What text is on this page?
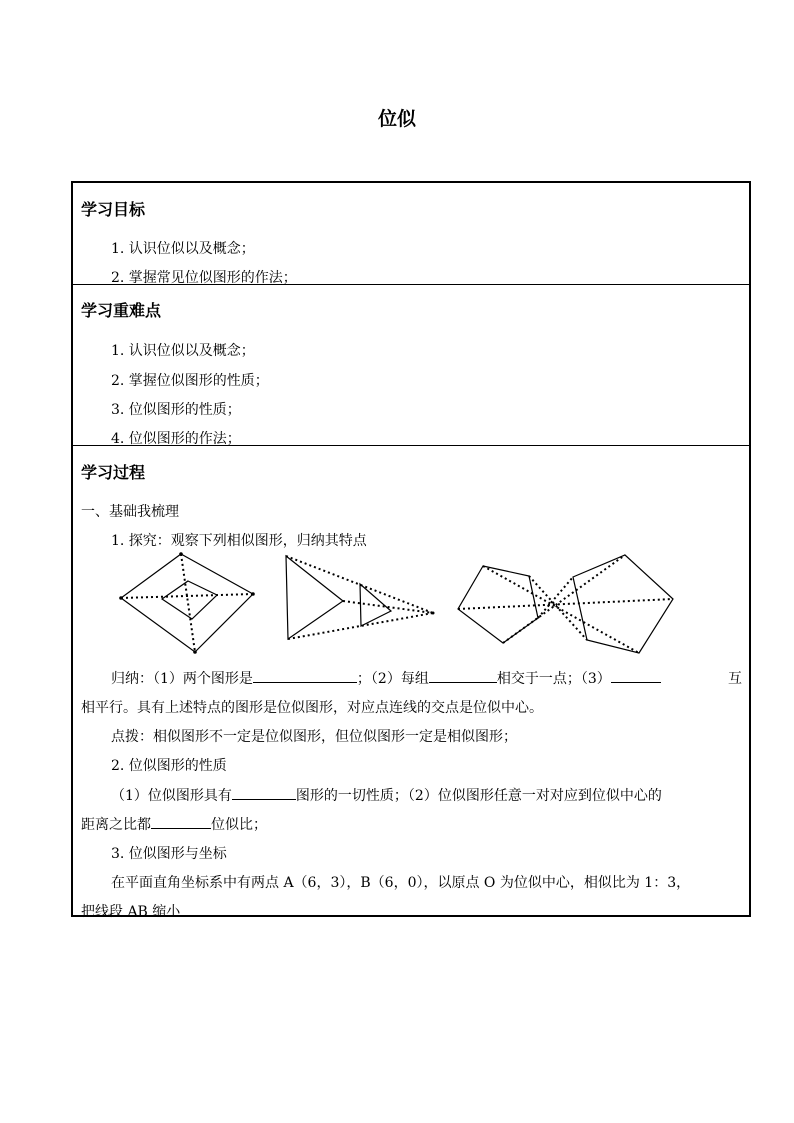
位似
学习目标
1. 认识位似以及概念；
2. 掌握常见位似图形的作法；
学习重难点
1. 认识位似以及概念；
2. 掌握位似图形的性质；
3. 位似图形的性质；
4. 位似图形的作法；
学习过程
一、基础我梳理
1. 探究：观察下列相似图形，归纳其特点
归纳：（1）两个图形是	；（2）每组	相交于一点；（3）	互
相平行。具有上述特点的图形是位似图形，对应点连线的交点是位似中心。
点拨：相似图形不一定是位似图形，但位似图形一定是相似图形；
2. 位似图形的性质
（1）位似图形具有	图形的一切性质；（2）位似图形任意一对对应到位似中心的
距离之比都	位似比；
3. 位似图形与坐标
在平面直角坐标系中有两点 A（6，3），B（6，0），以原点 O 为位似中心，相似比为 1：3，
把线段 AB 缩小
